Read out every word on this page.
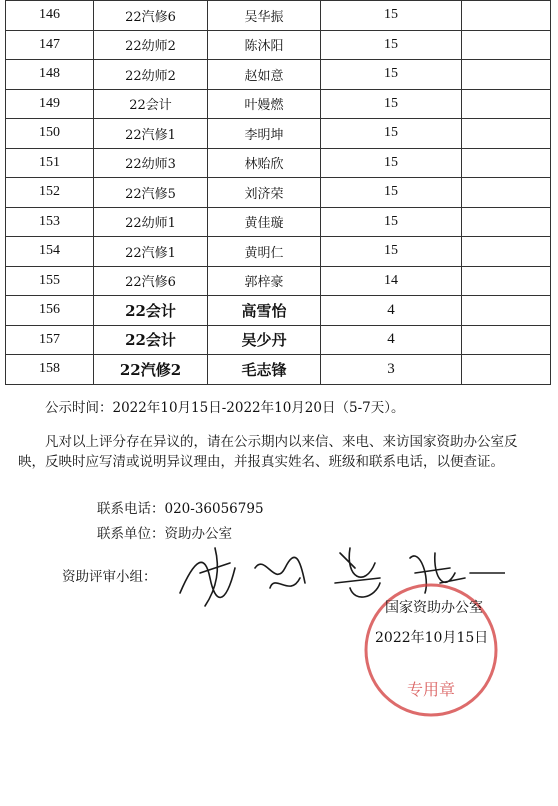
146	22汽修6	吴华振	15	
147	22幼师2	陈沐阳	15	
148	22幼师2	赵如意	15	
149	22会计	叶嫚燃	15	
150	22汽修1	李明坤	15	
151	22幼师3	林贻欣	15	
152	22汽修5	刘济荣	15	
153	22幼师1	黄佳璇	15	
154	22汽修1	黄明仁	15	
155	22汽修6	郭梓豪	14	
156	22会计	高雪怡	4	
157	22会计	吴少丹	4	
158	22汽修2	毛志锋	3	
公示时间：2022年10月15日-2022年10月20日（5-7天）。
凡对以上评分存在异议的，请在公示期内以来信、来电、来访国家资助办公室反映，反映时应写清或说明异议理由，并报真实姓名、班级和联系电话，以便查证。
联系电话：020-36056795
联系单位：资助办公室
资助评审小组：
专用章
国家资助办公室
2022年10月15日
